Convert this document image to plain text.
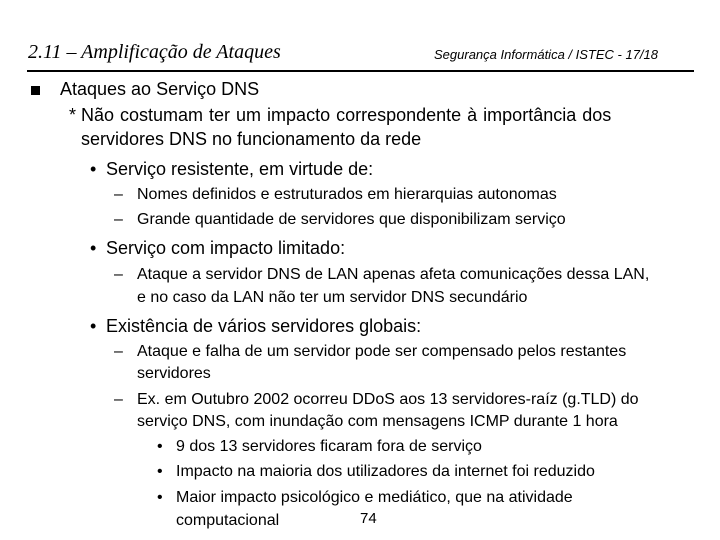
2.11 – Amplificação de Ataques	Segurança Informática / ISTEC - 17/18
Ataques ao Serviço DNS
* Não costumam ter um impacto correspondente à importância dos
servidores DNS no funcionamento da rede
• Serviço resistente, em virtude de:
– Nomes definidos e estruturados em hierarquias autonomas
– Grande quantidade de servidores que disponibilizam serviço
• Serviço com impacto limitado:
– Ataque a servidor DNS de LAN apenas afeta comunicações dessa LAN,
e no caso da LAN não ter um servidor DNS secundário
• Existência de vários servidores globais:
– Ataque e falha de um servidor pode ser compensado pelos restantes
servidores
– Ex. em Outubro 2002 ocorreu DDoS aos 13 servidores-raíz (g.TLD) do
serviço DNS, com inundação com mensagens ICMP durante 1 hora
• 9 dos 13 servidores ficaram fora de serviço
• Impacto na maioria dos utilizadores da internet foi reduzido
• Maior impacto psicológico e mediático, que na atividade
computacional	74
